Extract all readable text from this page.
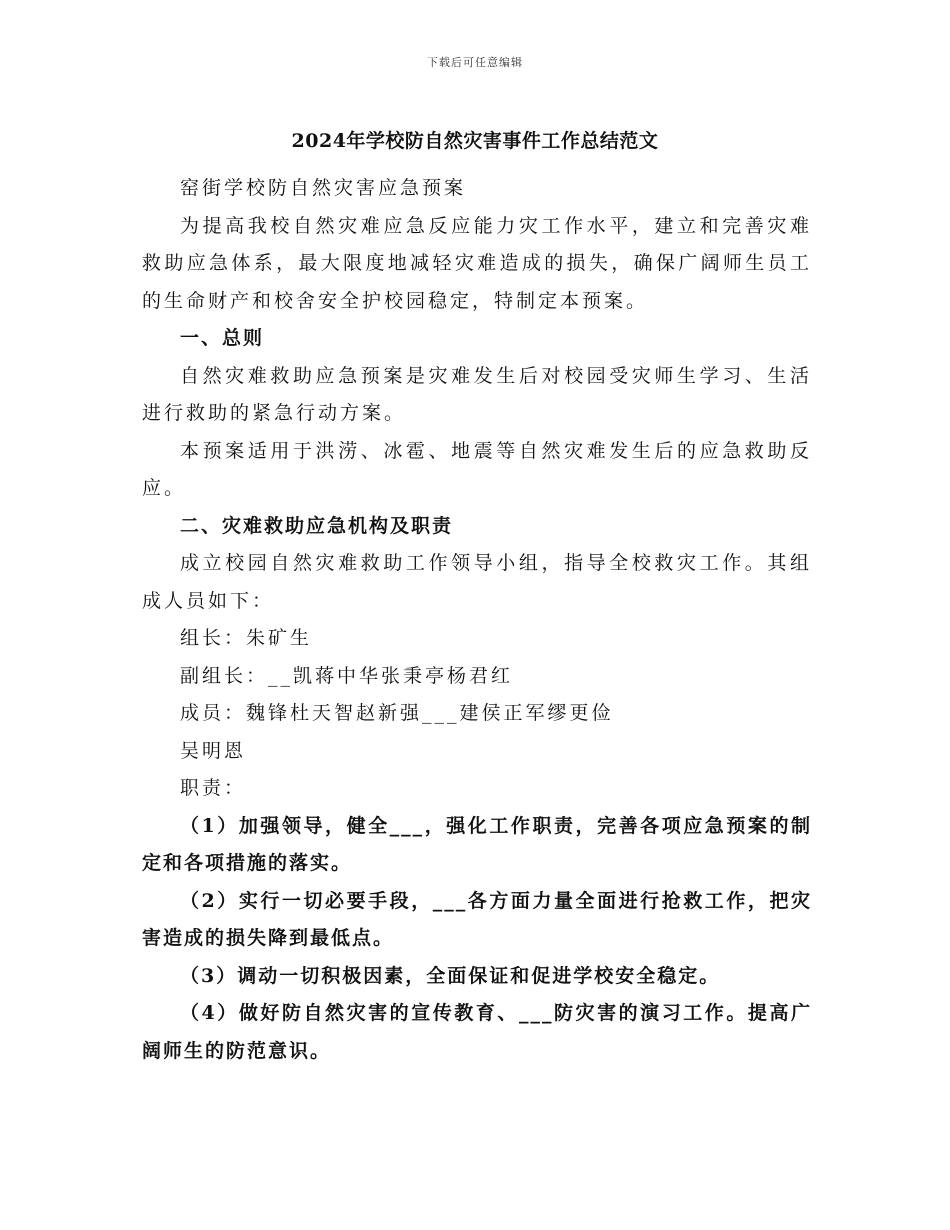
下载后可任意编辑
2024年学校防自然灾害事件工作总结范文

窑街学校防自然灾害应急预案

为提高我校自然灾难应急反应能力灾工作水平，建立和完善灾难救助应急体系，最大限度地减轻灾难造成的损失，确保广阔师生员工的生命财产和校舍安全护校园稳定，特制定本预案。

一、总则

自然灾难救助应急预案是灾难发生后对校园受灾师生学习、生活进行救助的紧急行动方案。

本预案适用于洪涝、冰雹、地震等自然灾难发生后的应急救助反应。

二、灾难救助应急机构及职责

成立校园自然灾难救助工作领导小组，指导全校救灾工作。其组成人员如下：

组长：朱矿生

副组长：__凯蒋中华张秉亭杨君红

成员：魏锋杜天智赵新强___建侯正军缪更俭

吴明恩

职责：

（1）加强领导，健全___，强化工作职责，完善各项应急预案的制定和各项措施的落实。

（2）实行一切必要手段，___各方面力量全面进行抢救工作，把灾害造成的损失降到最低点。

（3）调动一切积极因素，全面保证和促进学校安全稳定。

（4）做好防自然灾害的宣传教育、___防灾害的演习工作。提高广阔师生的防范意识。
